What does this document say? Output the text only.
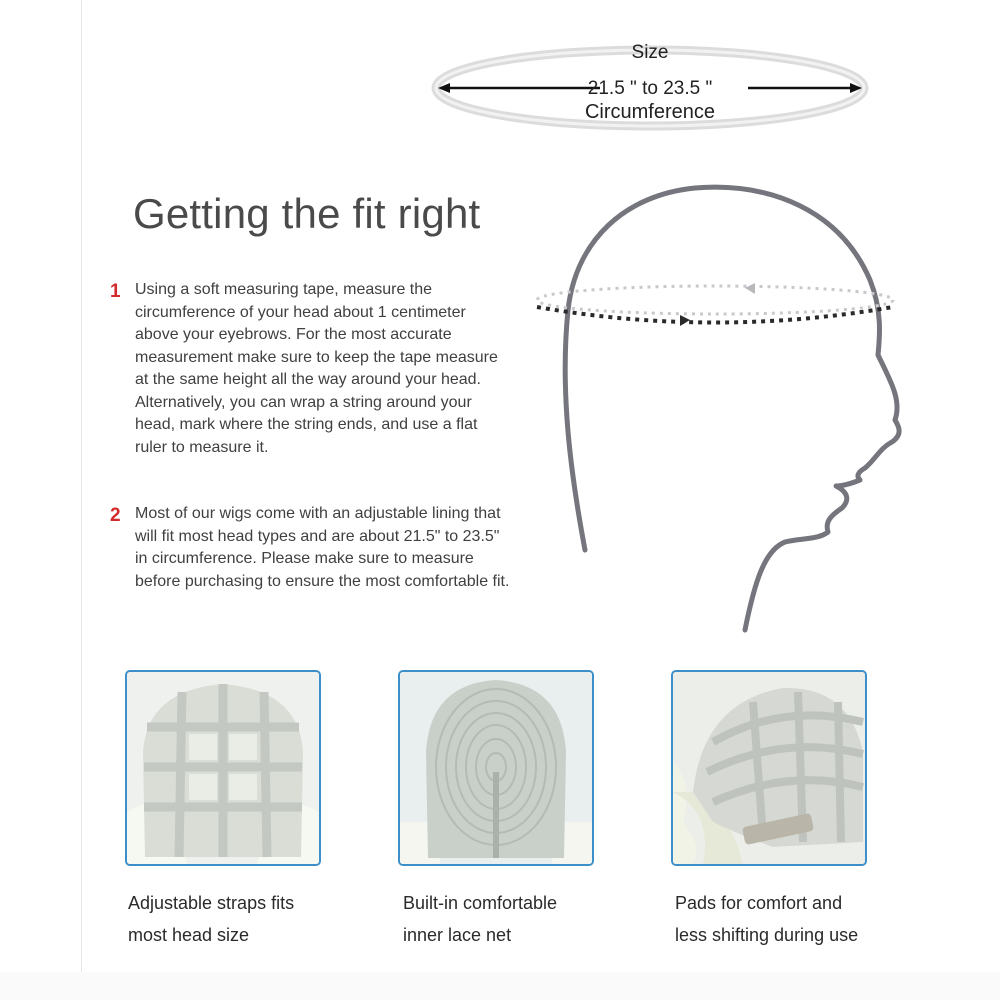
Size
21.5 " to 23.5 "
Circumference
Getting the fit right
1 Using a soft measuring tape, measure the circumference of your head about 1 centimeter above your eyebrows. For the most accurate measurement make sure to keep the tape measure at the same height all the way around your head. Alternatively, you can wrap a string around your head, mark where the string ends, and use a flat ruler to measure it.
2 Most of our wigs come with an adjustable lining that will fit most head types and are about 21.5" to 23.5" in circumference. Please make sure to measure before purchasing to ensure the most comfortable fit.
Adjustable straps fits
most head size
Built-in comfortable
inner lace net
Pads for comfort and
less shifting during use
